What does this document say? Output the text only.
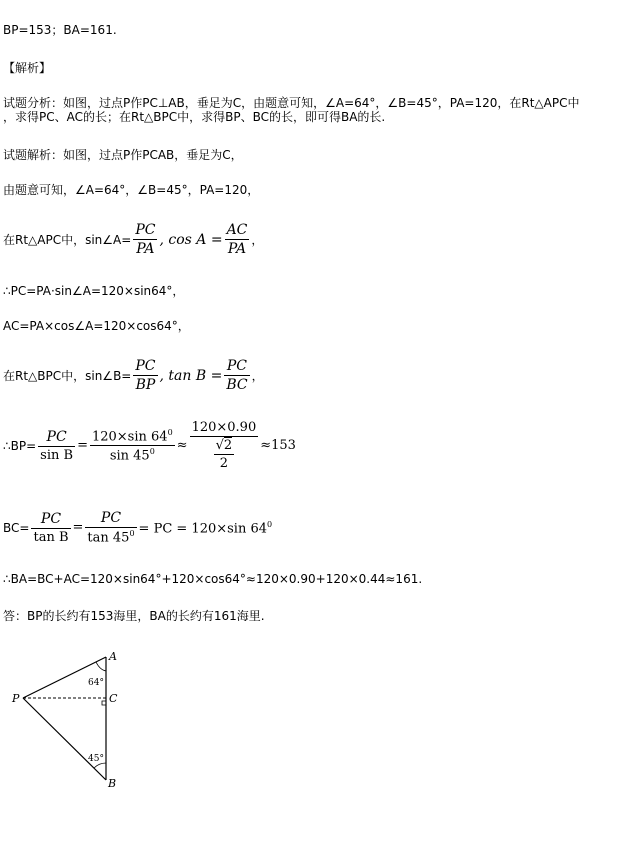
BP=153；BA=161.
【解析】
试题分析：如图，过点P作PC⊥AB，垂足为C，由题意可知，∠A=64°，∠B=45°，PA=120，在Rt△APC中
，求得PC、AC的长；在Rt△BPC中，求得BP、BC的长，即可得BA的长.
试题解析：如图，过点P作PCAB，垂足为C，
由题意可知，∠A=64°，∠B=45°，PA=120，
在Rt△APC中，sin∠A= $\frac{PC}{PA}$ , $\cos A = \frac{AC}{PA}$ ，
∴PC=PA·sin∠A=120×sin64°，
AC=PA×cos∠A=120×cos64°，
在Rt△BPC中，sin∠B= $\frac{PC}{BP}$ , $\tan B = \frac{PC}{BC}$ ，
∴BP= $\frac{PC}{\text{sin B}} = \frac{120\times\sin 64^0}{\sin 45^0} \approx \frac{120\times 0.90}{\frac{√2}{2}} \approx 153$
$BC= \frac{PC}{\text{tan B}} = \frac{PC}{\tan 45^0}$ = PC = 120×sin $64^0$
∴BA=BC+AC=120×sin64°+120×cos64°≈120×0.90+120×0.44≈161.
答：BP的长约有153海里，BA的长约有161海里.
A
B
C
P
64°
45°
